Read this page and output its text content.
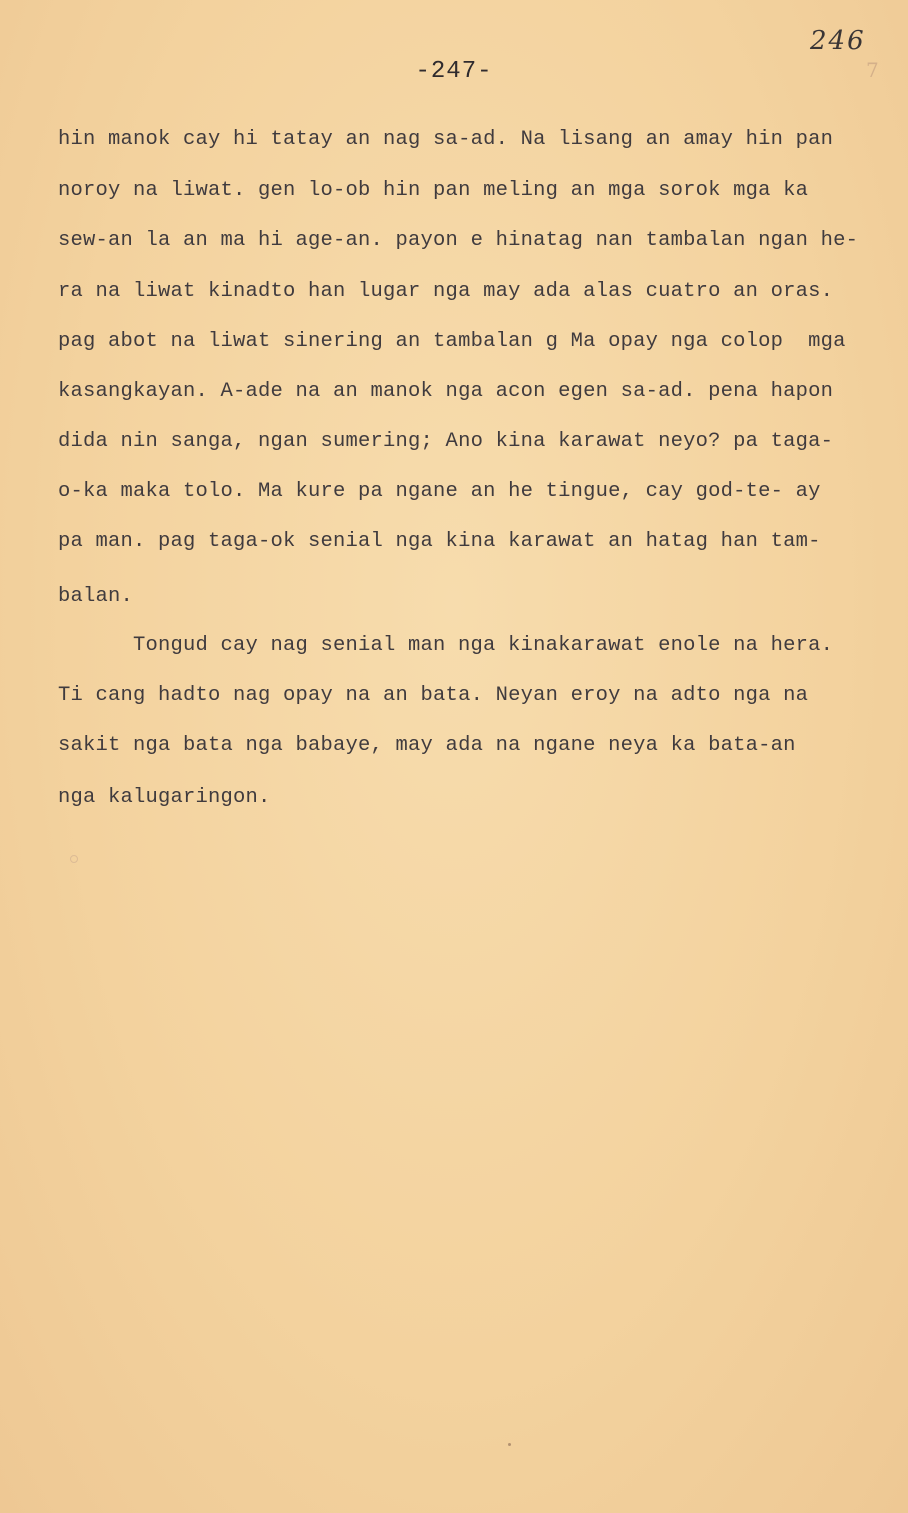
246
7
-247-
hin manok cay hi tatay an nag sa-ad. Na lisang an amay hin pan
noroy na liwat. gen lo-ob hin pan meling an mga sorok mga ka
sew-an la an ma hi age-an. payon e hinatag nan tambalan ngan he-
ra na liwat kinadto han lugar nga may ada alas cuatro an oras.
pag abot na liwat sinering an tambalan g Ma opay nga colop  mga
kasangkayan. A-ade na an manok nga acon egen sa-ad. pena hapon
dida nin sanga, ngan sumering; Ano kina karawat neyo? pa taga-
o-ka maka tolo. Ma kure pa ngane an he tingue, cay god-te- ay
pa man. pag taga-ok senial nga kina karawat an hatag han tam-
balan.
Tongud cay nag senial man nga kinakarawat enole na hera.
Ti cang hadto nag opay na an bata. Neyan eroy na adto nga na
sakit nga bata nga babaye, may ada na ngane neya ka bata-an
nga kalugaringon.
